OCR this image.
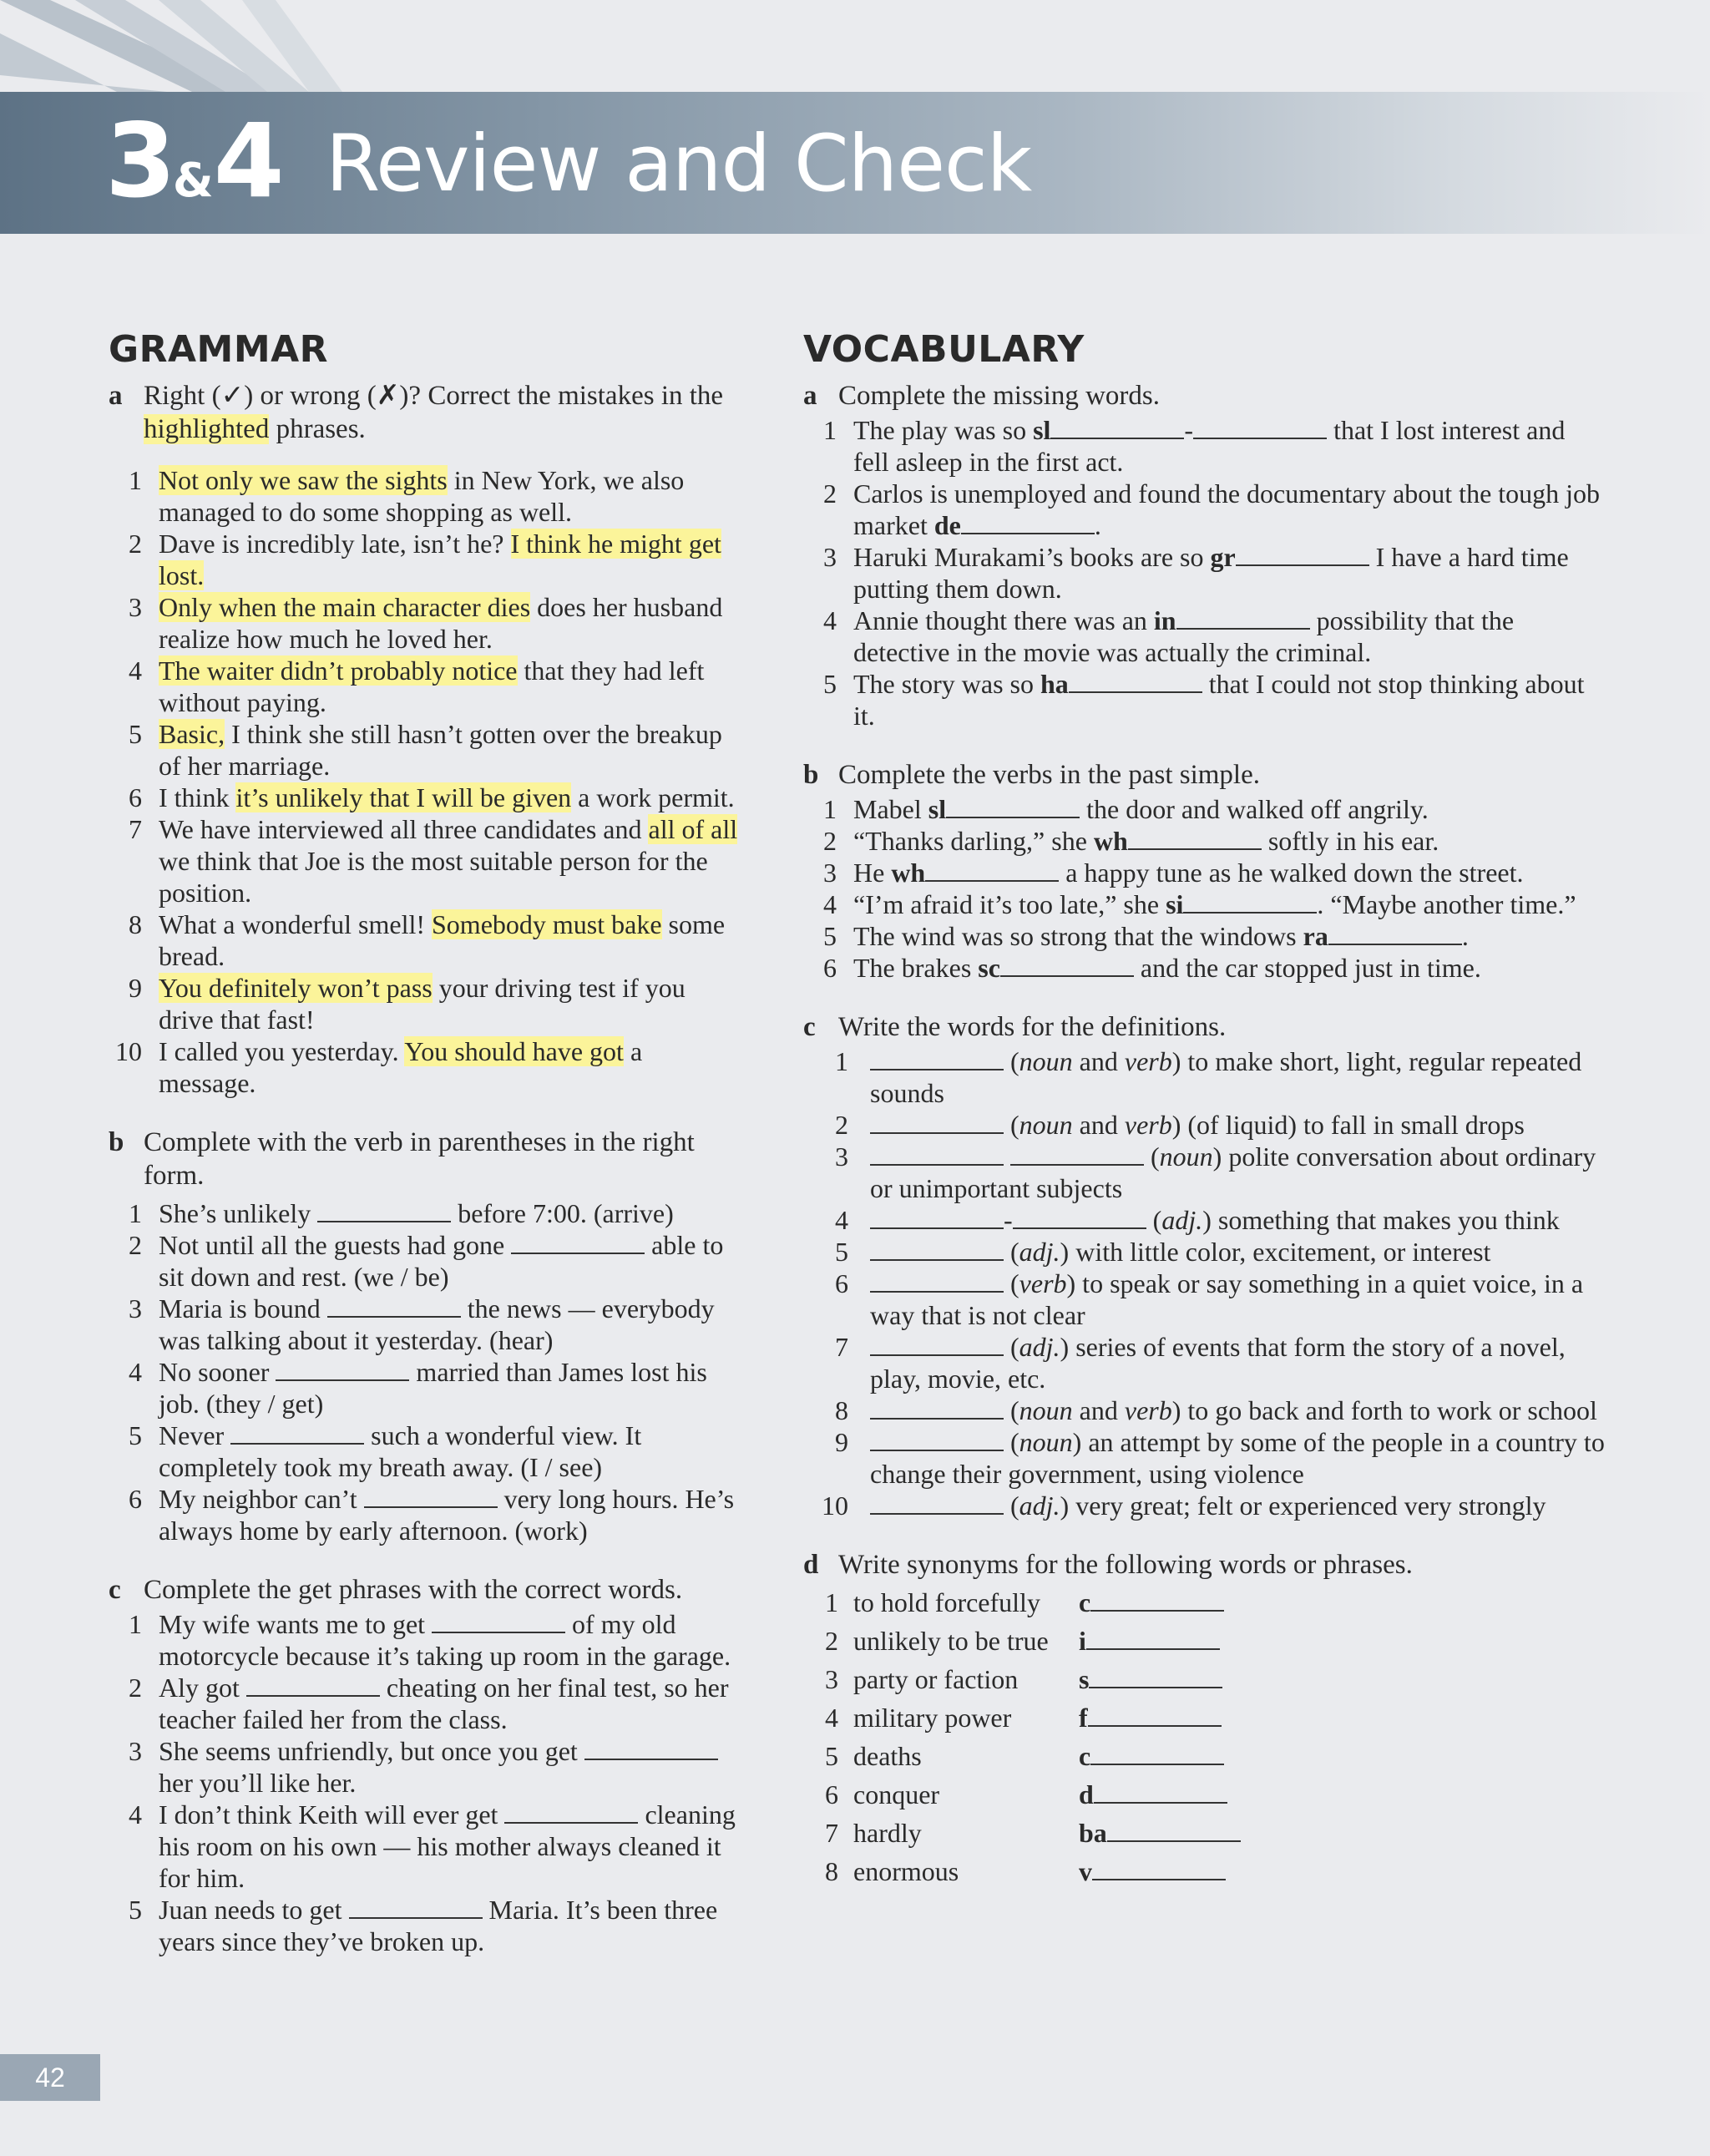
3 & 4 Review and Check
GRAMMAR
a Right (✓) or wrong (✗)? Correct the mistakes in the highlighted phrases.
1 Not only we saw the sights in New York, we also managed to do some shopping as well.
2 Dave is incredibly late, isn’t he? I think he might get lost.
3 Only when the main character dies does her husband realize how much he loved her.
4 The waiter didn’t probably notice that they had left without paying.
5 Basic, I think she still hasn’t gotten over the breakup of her marriage.
6 I think it’s unlikely that I will be given a work permit.
7 We have interviewed all three candidates and all of all we think that Joe is the most suitable person for the position.
8 What a wonderful smell! Somebody must bake some bread.
9 You definitely won’t pass your driving test if you drive that fast!
10 I called you yesterday. You should have got a message.
b Complete with the verb in parentheses in the right form.
1 She’s unlikely	before 7:00. (arrive)
2 Not until all the guests had gone	able to sit down and rest. (we / be)
3 Maria is bound	the news — everybody was talking about it yesterday. (hear)
4 No sooner	married than James lost his job. (they / get)
5 Never	such a wonderful view. It completely took my breath away. (I / see)
6 My neighbor can’t	very long hours. He’s always home by early afternoon. (work)
c Complete the get phrases with the correct words.
1 My wife wants me to get	of my old motorcycle because it’s taking up room in the garage.
2 Aly got	cheating on her final test, so her teacher failed her from the class.
3 She seems unfriendly, but once you get  her you’ll like her.
4 I don’t think Keith will ever get	cleaning his room on his own — his mother always cleaned it for him.
5 Juan needs to get	Maria. It’s been three years since they’ve broken up.
VOCABULARY
a Complete the missing words.
1 The play was so sl	-	that I lost interest and fell asleep in the first act.
2 Carlos is unemployed and found the documentary about the tough job market de	.
3 Haruki Murakami’s books are so gr	I have a hard time putting them down.
4 Annie thought there was an in	possibility that the detective in the movie was actually the criminal.
5 The story was so ha	that I could not stop thinking about it.
b Complete the verbs in the past simple.
1 Mabel sl	the door and walked off angrily.
2 “Thanks darling,” she wh	softly in his ear.
3 He wh	a happy tune as he walked down the street.
4 “I’m afraid it’s too late,” she si	. “Maybe another time.”
5 The wind was so strong that the windows ra	.
6 The brakes sc	and the car stopped just in time.
c Write the words for the definitions.
1	(noun and verb) to make short, light, regular repeated sounds
2	(noun and verb) (of liquid) to fall in small drops
3	(noun) polite conversation about ordinary or unimportant subjects
4	-	(adj.) something that makes you think
5	(adj.) with little color, excitement, or interest
6	(verb) to speak or say something in a quiet voice, in a way that is not clear
7	(adj.) series of events that form the story of a novel, play, movie, etc.
8	(noun and verb) to go back and forth to work or school
9	(noun) an attempt by some of the people in a country to change their government, using violence
10	(adj.) very great; felt or experienced very strongly
d Write synonyms for the following words or phrases.
1 to hold forcefully	c
2 unlikely to be true	i
3 party or faction	s
4 military power	f
5 deaths	c
6 conquer	d
7 hardly	ba
8 enormous	v
42
